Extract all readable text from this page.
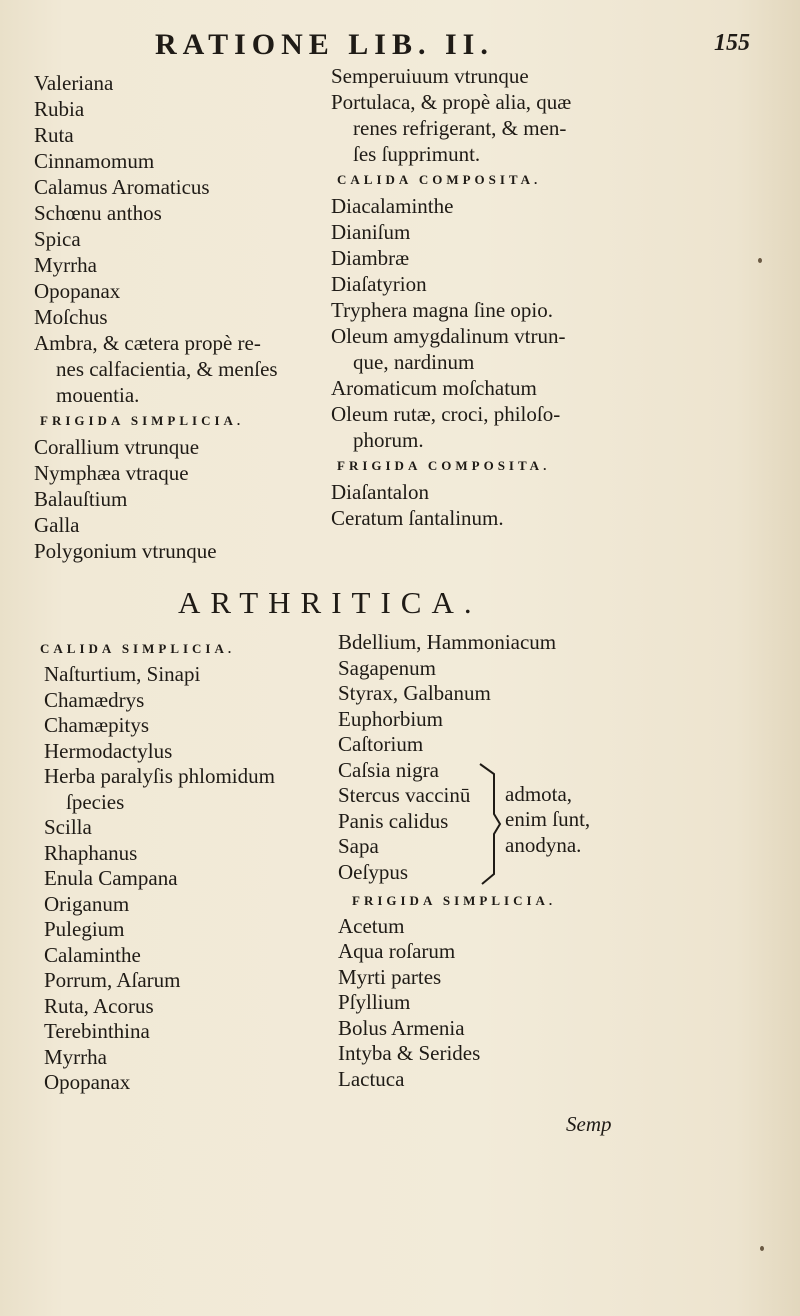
RATIONE LIB. II.	155
Valeriana
Rubia
Ruta
Cinnamomum
Calamus Aromaticus
Schœnu anthos
Spica
Myrrha
Opopanax
Moſchus
Ambra, & cætera propè re-
nes calfacientia, & menſes
mouentia.
FRIGIDA SIMPLICIA.
Corallium vtrunque
Nymphæa vtraque
Balauſtium
Galla
Polygonium vtrunque
Semperuiuum vtrunque
Portulaca, & propè alia, quæ
renes refrigerant, & men-
ſes ſupprimunt.
CALIDA COMPOSITA.
Diacalaminthe
Dianiſum
Diambræ
Diaſatyrion
Tryphera magna ſine opio.
Oleum amygdalinum vtrun-
que, nardinum
Aromaticum moſchatum
Oleum rutæ, croci, philoſo-
phorum.
FRIGIDA COMPOSITA.
Diaſantalon
Ceratum ſantalinum.
ARTHRITICA.
CALIDA SIMPLICIA.
Naſturtium, Sinapi
Chamædrys
Chamæpitys
Hermodactylus
Herba paralyſis phlomidum
ſpecies
Scilla
Rhaphanus
Enula Campana
Origanum
Pulegium
Calaminthe
Porrum, Aſarum
Ruta, Acorus
Terebinthina
Myrrha
Opopanax
Bdellium, Hammoniacum
Sagapenum
Styrax, Galbanum
Euphorbium
Caſtorium
Caſsia nigra
Stercus vaccinū
Panis calidus
Sapa
Oeſypus
admota,
enim ſunt,
anodyna.
FRIGIDA SIMPLICIA.
Acetum
Aqua roſarum
Myrti partes
Pſyllium
Bolus Armenia
Intyba & Serides
Lactuca
Semp
